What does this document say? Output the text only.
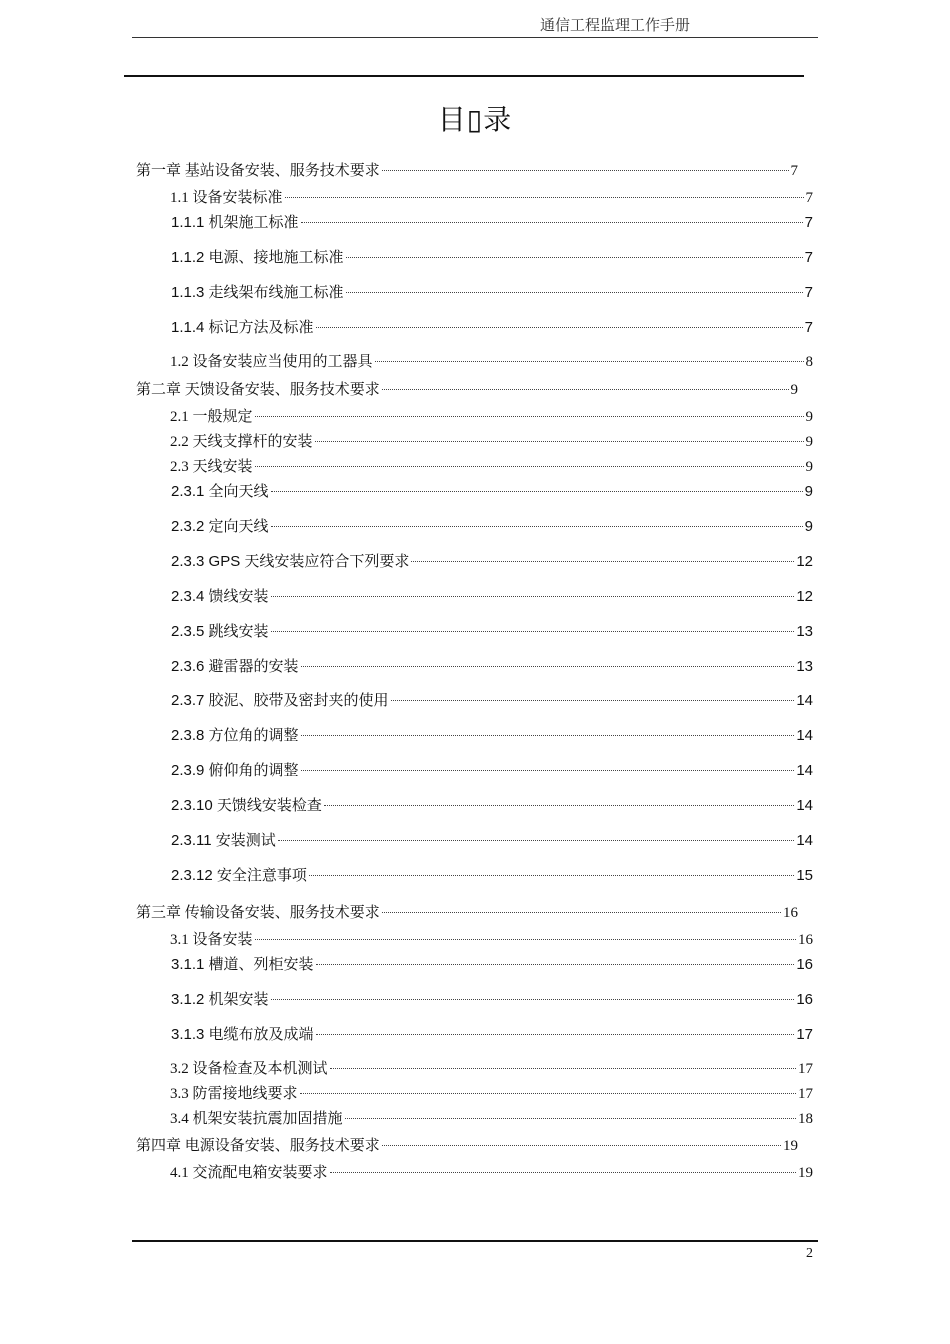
通信工程监理工作手册
目▯录
第一章 基站设备安装、服务技术要求	7
1.1 设备安装标准	7
1.1.1 机架施工标准	7
1.1.2 电源、接地施工标准	7
1.1.3 走线架布线施工标准	7
1.1.4 标记方法及标准	7
1.2 设备安装应当使用的工器具	8
第二章 天馈设备安装、服务技术要求	9
2.1 一般规定	9
2.2 天线支撑杆的安装	9
2.3 天线安装	9
2.3.1 全向天线	9
2.3.2 定向天线	9
2.3.3 GPS 天线安装应符合下列要求	12
2.3.4 馈线安装	12
2.3.5 跳线安装	13
2.3.6 避雷器的安装	13
2.3.7 胶泥、胶带及密封夹的使用	14
2.3.8 方位角的调整	14
2.3.9 俯仰角的调整	14
2.3.10 天馈线安装检查	14
2.3.11 安装测试	14
2.3.12 安全注意事项	15
第三章 传输设备安装、服务技术要求	16
3.1 设备安装	16
3.1.1 槽道、列柜安装	16
3.1.2 机架安装	16
3.1.3 电缆布放及成端	17
3.2 设备检查及本机测试	17
3.3 防雷接地线要求	17
3.4 机架安装抗震加固措施	18
第四章 电源设备安装、服务技术要求	19
4.1 交流配电箱安装要求	19
2
